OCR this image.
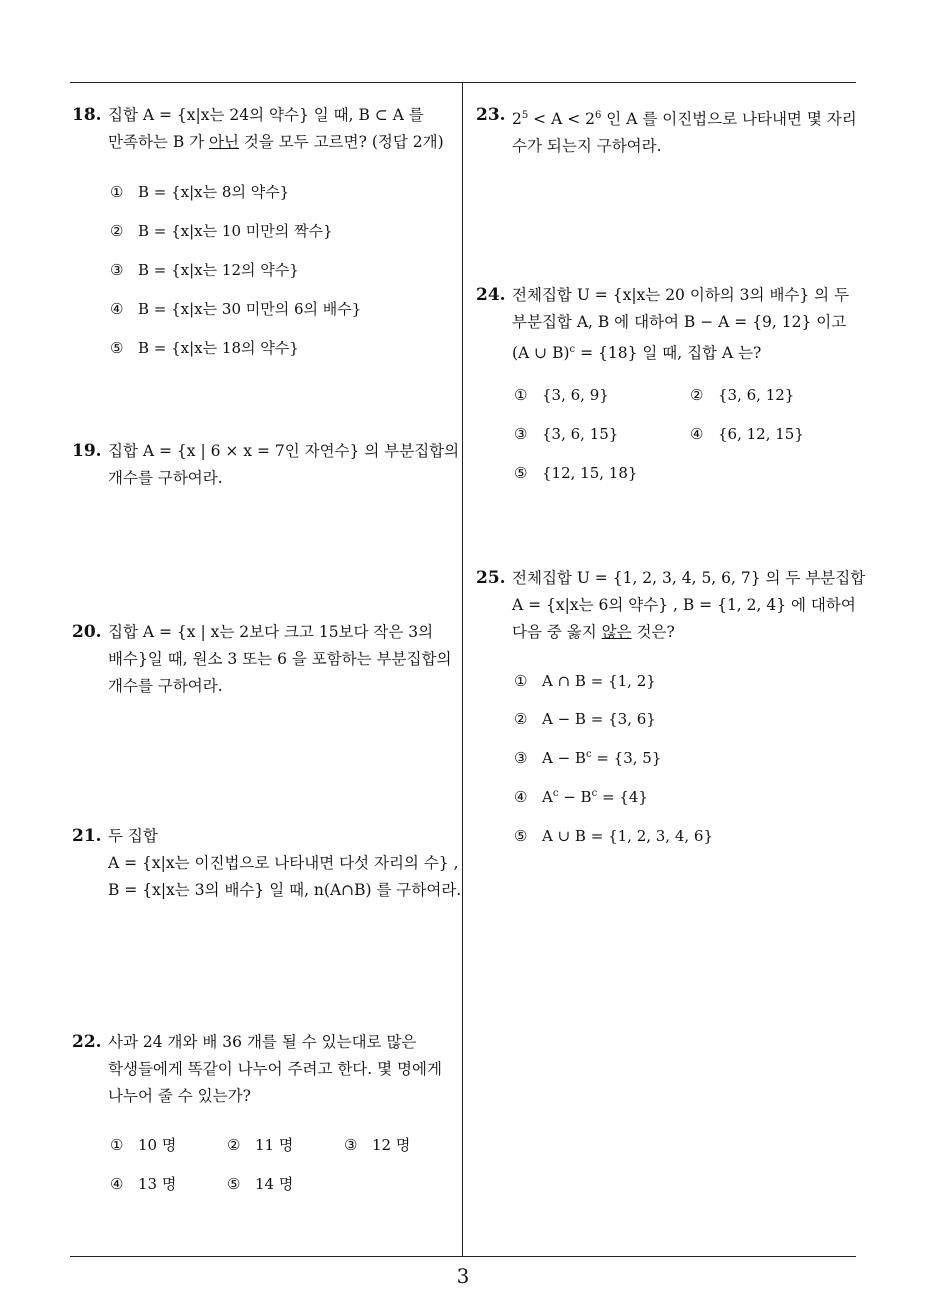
18. 집합 A = {x|x는 24의 약수} 일 때, B ⊂ A 를
만족하는 B 가 아닌 것을 모두 고르면? (정답 2개)
① B = {x|x는 8의 약수}
② B = {x|x는 10 미만의 짝수}
③ B = {x|x는 12의 약수}
④ B = {x|x는 30 미만의 6의 배수}
⑤ B = {x|x는 18의 약수}
19. 집합 A = {x | 6 × x = 7인 자연수} 의 부분집합의
개수를 구하여라.
20. 집합 A = {x | x는 2보다 크고 15보다 작은 3의
배수}일 때, 원소 3 또는 6 을 포함하는 부분집합의
개수를 구하여라.
21. 두 집합
A = {x|x는 이진법으로 나타내면 다섯 자리의 수} ,
B = {x|x는 3의 배수} 일 때, n(A∩B) 를 구하여라.
22. 사과 24 개와 배 36 개를 될 수 있는대로 많은
학생들에게 똑같이 나누어 주려고 한다. 몇 명에게
나누어 줄 수 있는가?
① 10 명	② 11 명	③ 12 명
④ 13 명	⑤ 14 명
23. $2^5 < A < 2^6$ 인 A 를 이진법으로 나타내면 몇 자리
수가 되는지 구하여라.
24. 전체집합 U = {x|x는 20 이하의 3의 배수} 의 두
부분집합 A, B 에 대하여 B − A = {9, 12} 이고
(A ∪ B)$^c$ = {18} 일 때, 집합 A 는?
① {3, 6, 9}	② {3, 6, 12}
③ {3, 6, 15}	④ {6, 12, 15}
⑤ {12, 15, 18}
25. 전체집합 U = {1, 2, 3, 4, 5, 6, 7} 의 두 부분집합
A = {x|x는 6의 약수} , B = {1, 2, 4} 에 대하여
다음 중 옳지 않은 것은?
① A ∩ B = {1, 2}
② A − B = {3, 6}
③ $A - B^c = \{3$, 5}
④ $A^c - B^c = \{4\}$
⑤ A ∪ B = {1, 2, 3, 4, 6}
3
